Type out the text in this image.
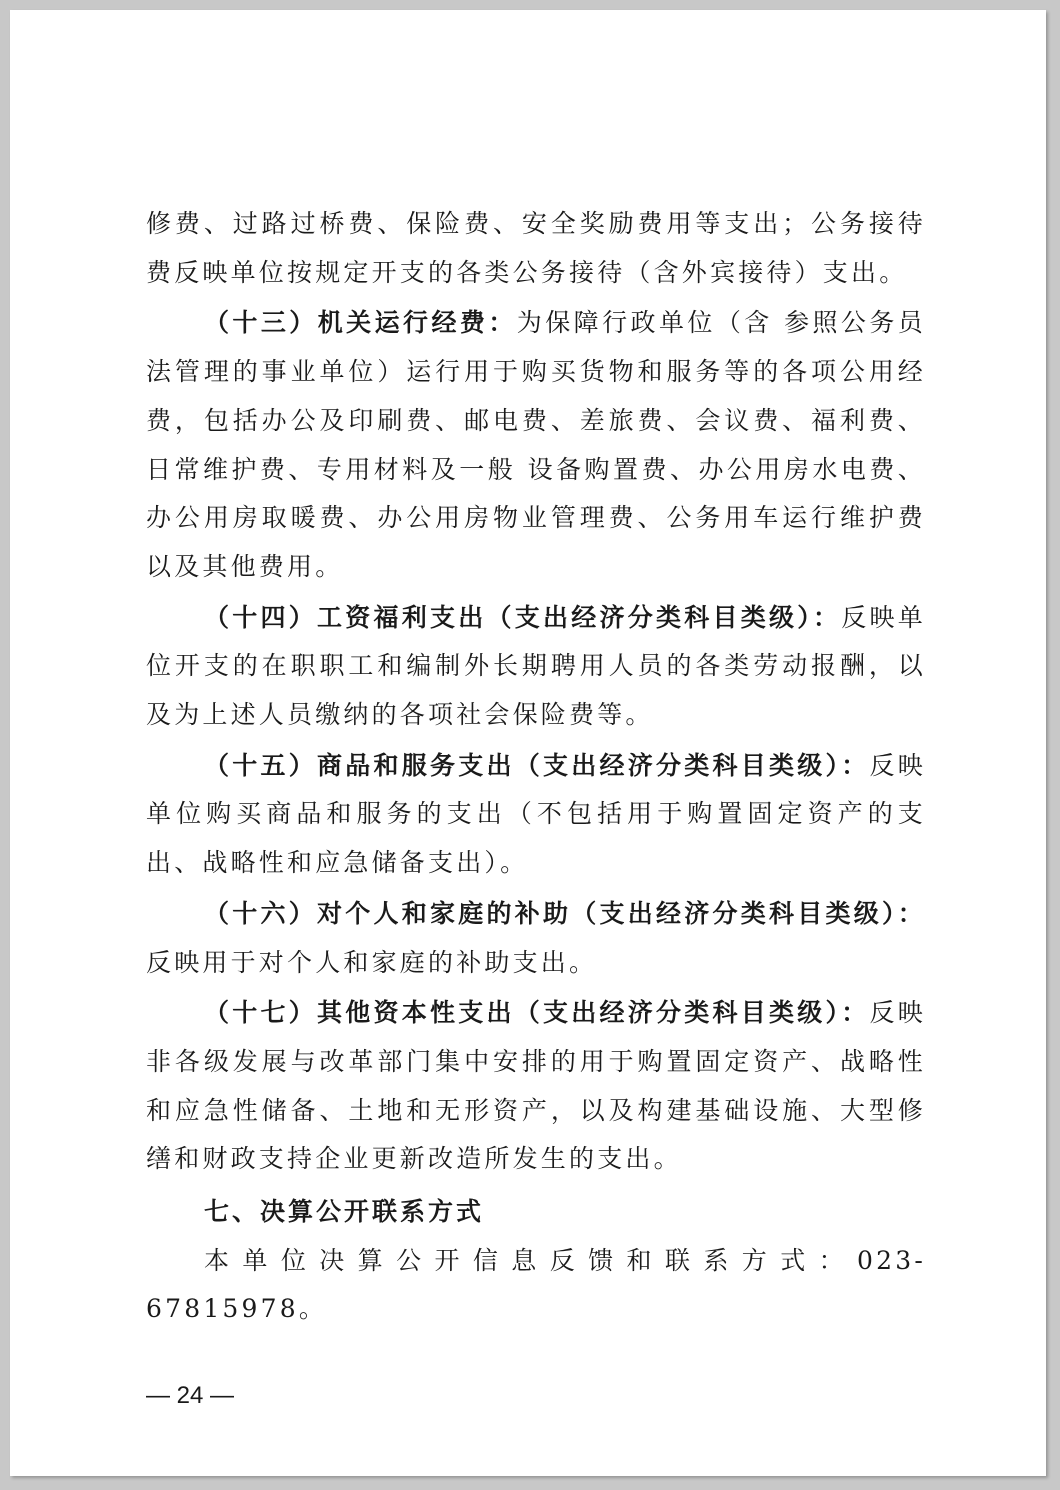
修费、过路过桥费、保险费、安全奖励费用等支出；公务接待费反映单位按规定开支的各类公务接待（含外宾接待）支出。

（十三）机关运行经费：为保障行政单位（含 参照公务员法管理的事业单位）运行用于购买货物和服务等的各项公用经费，包括办公及印刷费、邮电费、差旅费、会议费、福利费、日常维护费、专用材料及一般 设备购置费、办公用房水电费、办公用房取暖费、办公用房物业管理费、公务用车运行维护费以及其他费用。

（十四）工资福利支出（支出经济分类科目类级）：反映单位开支的在职职工和编制外长期聘用人员的各类劳动报酬，以及为上述人员缴纳的各项社会保险费等。

（十五）商品和服务支出（支出经济分类科目类级）：反映单位购买商品和服务的支出（不包括用于购置固定资产的支出、战略性和应急储备支出）。

（十六）对个人和家庭的补助（支出经济分类科目类级）：反映用于对个人和家庭的补助支出。

（十七）其他资本性支出（支出经济分类科目类级）：反映非各级发展与改革部门集中安排的用于购置固定资产、战略性和应急性储备、土地和无形资产，以及构建基础设施、大型修缮和财政支持企业更新改造所发生的支出。

七、决算公开联系方式

本单位决算公开信息反馈和联系方式：023-67815978。

— 24 —
